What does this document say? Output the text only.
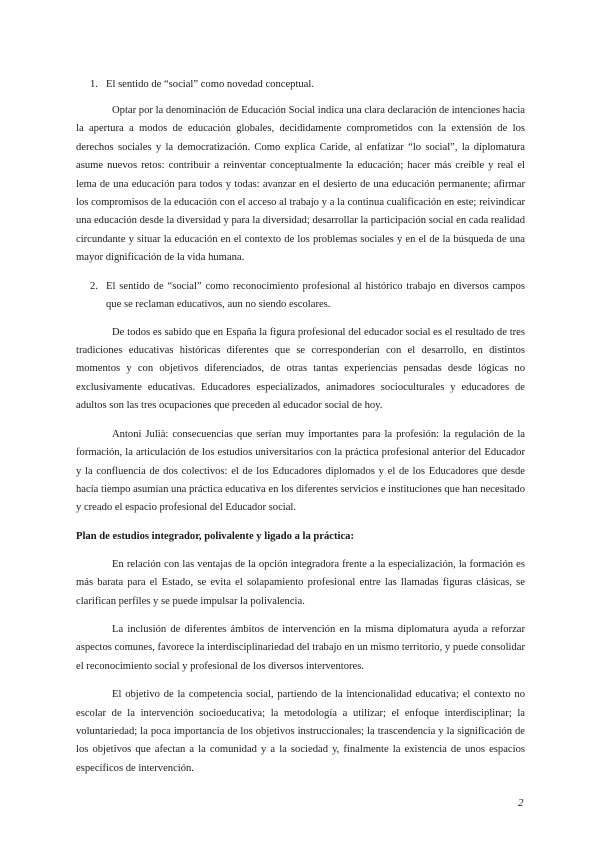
1. El sentido de “social” como novedad conceptual.

Optar por la denominación de Educación Social indica una clara declaración de intenciones hacia la apertura a modos de educación globales, decididamente comprometidos con la extensión de los derechos sociales y la democratización. Como explica Caride, al enfatizar “lo social”, la diplomatura asume nuevos retos: contribuir a reinventar conceptualmente la educación; hacer más creíble y real el lema de una educación para todos y todas: avanzar en el desierto de una educación permanente; afirmar los compromisos de la educación con el acceso al trabajo y a la continua cualificación en este; reivindicar una educación desde la diversidad y para la diversidad; desarrollar la participación social en cada realidad circundante y situar la educación en el contexto de los problemas sociales y en el de la búsqueda de una mayor dignificación de la vida humana.

2. El sentido de “social” como reconocimiento profesional al histórico trabajo en diversos campos que se reclaman educativos, aun no siendo escolares.

De todos es sabido que en España la figura profesional del educador social es el resultado de tres tradiciones educativas históricas diferentes que se corresponderían con el desarrollo, en distintos momentos y con objetivos diferenciados, de otras tantas experiencias pensadas desde lógicas no exclusivamente educativas. Educadores especializados, animadores socioculturales y educadores de adultos son las tres ocupaciones que preceden al educador social de hoy.

Antoni Julià: consecuencias que serían muy importantes para la profesión: la regulación de la formación, la articulación de los estudios universitarios con la práctica profesional anterior del Educador y la confluencia de dos colectivos: el de los Educadores diplomados y el de los Educadores que desde hacía tiempo asumían una práctica educativa en los diferentes servicios e instituciones que han necesitado y creado el espacio profesional del Educador social.

Plan de estudios integrador, polivalente y ligado a la práctica:

En relación con las ventajas de la opción integradora frente a la especialización, la formación es más barata para el Estado, se evita el solapamiento profesional entre las llamadas figuras clásicas, se clarifican perfiles y se puede impulsar la polivalencia.

La inclusión de diferentes ámbitos de intervención en la misma diplomatura ayuda a reforzar aspectos comunes, favorece la interdisciplinariedad del trabajo en un mismo territorio, y puede consolidar el reconocimiento social y profesional de los diversos interventores.

El objetivo de la competencia social, partiendo de la intencionalidad educativa; el contexto no escolar de la intervención socioeducativa; la metodología a utilizar; el enfoque interdisciplinar; la voluntariedad; la poca importancia de los objetivos instruccionales; la trascendencia y la significación de los objetivos que afectan a la comunidad y a la sociedad y, finalmente la existencia de unos espacios específicos de intervención.

2
